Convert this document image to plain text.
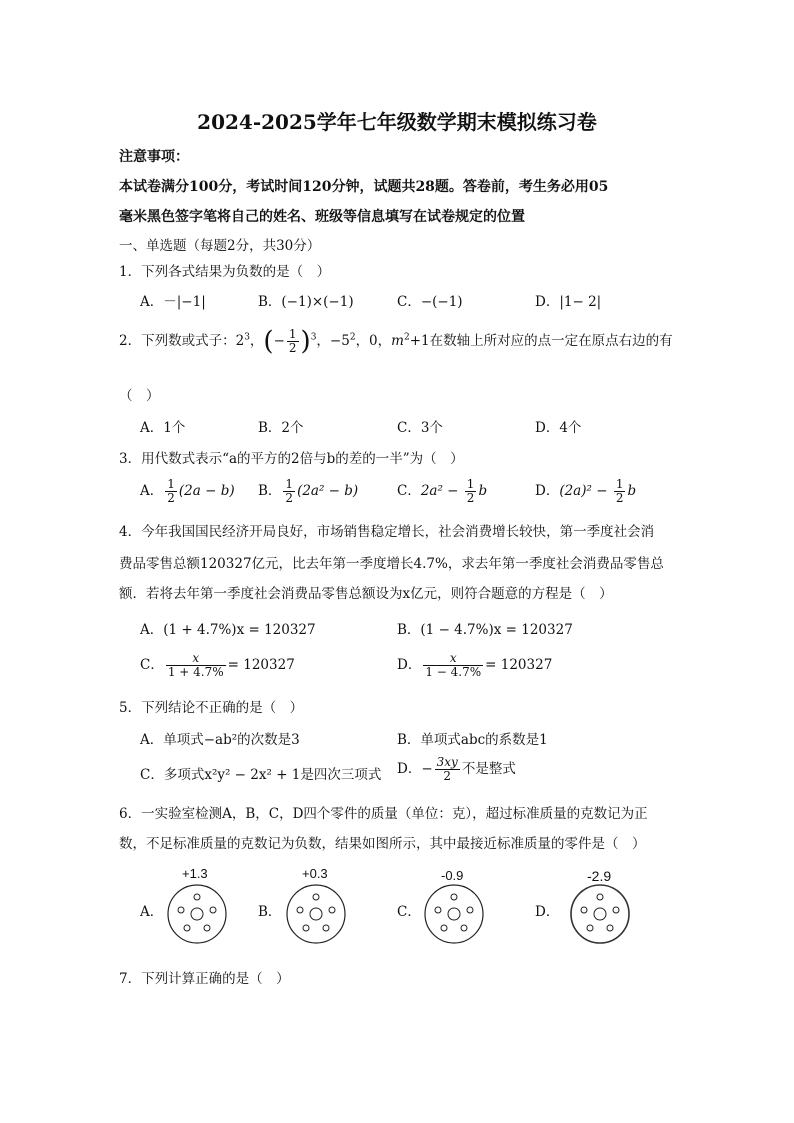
2024-2025学年七年级数学期末模拟练习卷
注意事项：
本试卷满分100分，考试时间120分钟，试题共28题。答卷前，考生务必用05
毫米黑色签字笔将自己的姓名、班级等信息填写在试卷规定的位置
一、单选题（每题2分，共30分）
1．下列各式结果为负数的是（　）
A．－|−1|	B．(−1)×(−1)	C．−(−1)	D．|1− 2|
2．下列数或式子：$2^3$，(− $\frac{1}{2} )^3$，$-5^2$，0，$m^2+1$在数轴上所对应的点一定在原点右边的有
（　）
A．1个	B．2个	C．3个	D．4个
3．用代数式表示“a的平方的2倍与b的差的一半”为（　）
A． $\frac{1}{2} (2a - b)$ B． $\frac{1}{2} (2a^2 - b)$	C．$2a^2 - \frac{1}{2}$ b	D．$(2a)^2 - \frac{1}{2}$ b
4．今年我国国民经济开局良好，市场销售稳定增长，社会消费增长较快，第一季度社会消
费品零售总额120327亿元，比去年第一季度增长4.7%，求去年第一季度社会消费品零售总
额．若将去年第一季度社会消费品零售总额设为x亿元，则符合题意的方程是（　）
A．(1 + 4.7%)x = 120327	B．(1 − 4.7%)x = 120327
C． $\frac{x}{1 + 4.7\%} = 120327$	D． $\frac{x}{1 - 4.7\%} = 120327$
5．下列结论不正确的是（　）
A．单项式−ab²的次数是3	B．单项式abc的系数是1
C．多项式x²y² − 2x² + 1是四次三项式 D．− $\frac{3xy}{2}$ 不是整式
6．一实验室检测A，B，C，D四个零件的质量（单位：克），超过标准质量的克数记为正
数，不足标准质量的克数记为负数，结果如图所示，其中最接近标准质量的零件是（　）
A．
+1.3
B．
+0.3
C．
-0.9
D．
-2.9
7．下列计算正确的是（　）
